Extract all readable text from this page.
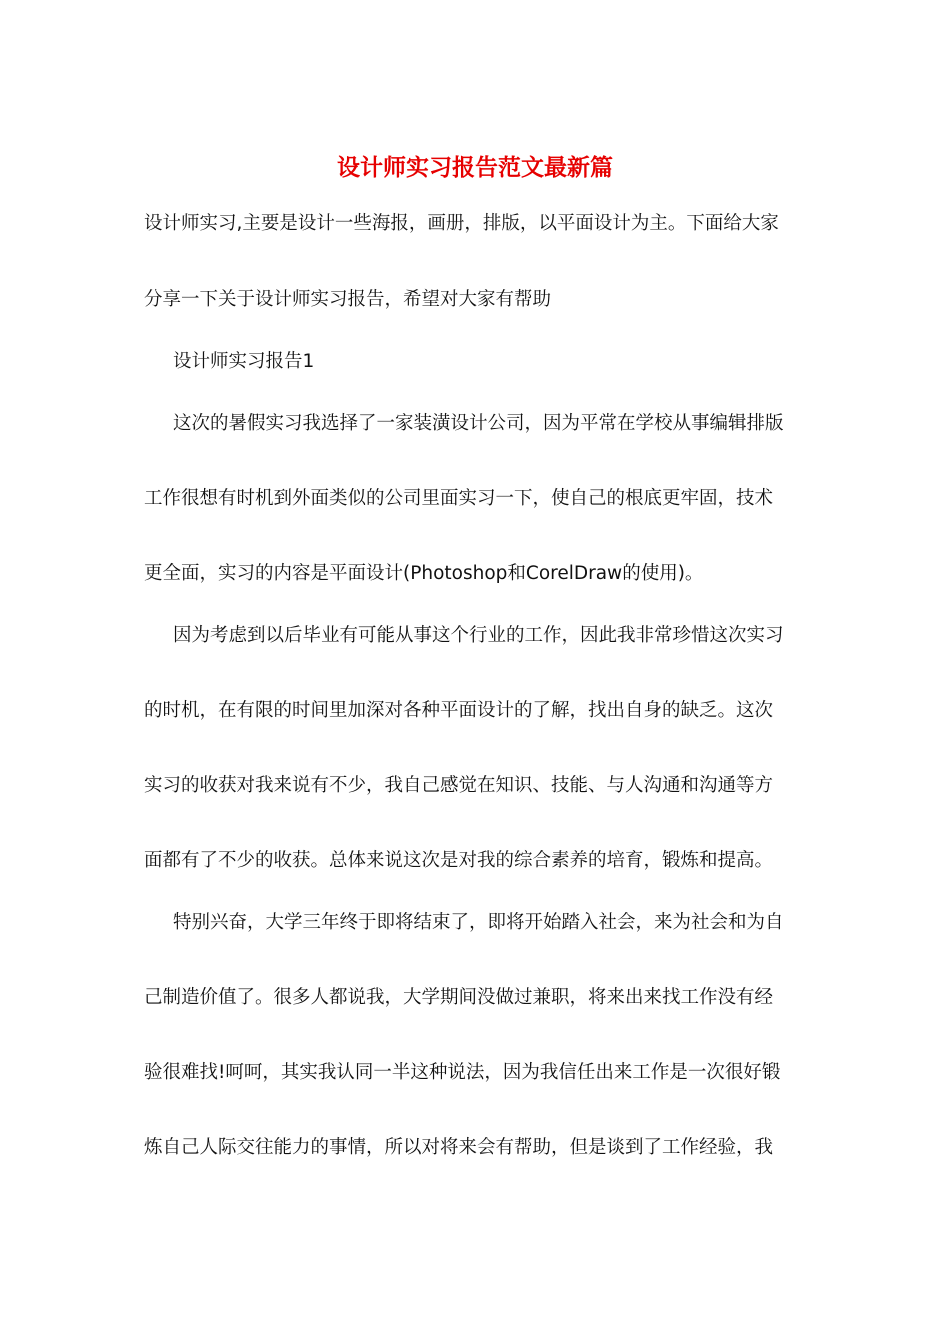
设计师实习报告范文最新篇
设计师实习,主要是设计一些海报，画册，排版，以平面设计为主。下面给大家
分享一下关于设计师实习报告，希望对大家有帮助
设计师实习报告1
这次的暑假实习我选择了一家装潢设计公司，因为平常在学校从事编辑排版
工作很想有时机到外面类似的公司里面实习一下，使自己的根底更牢固，技术
更全面，实习的内容是平面设计(Photoshop和CorelDraw的使用)。
因为考虑到以后毕业有可能从事这个行业的工作，因此我非常珍惜这次实习
的时机，在有限的时间里加深对各种平面设计的了解，找出自身的缺乏。这次
实习的收获对我来说有不少，我自己感觉在知识、技能、与人沟通和沟通等方
面都有了不少的收获。总体来说这次是对我的综合素养的培育，锻炼和提高。
特别兴奋，大学三年终于即将结束了，即将开始踏入社会，来为社会和为自
己制造价值了。很多人都说我，大学期间没做过兼职，将来出来找工作没有经
验很难找!呵呵，其实我认同一半这种说法，因为我信任出来工作是一次很好锻
炼自己人际交往能力的事情，所以对将来会有帮助，但是谈到了工作经验，我
